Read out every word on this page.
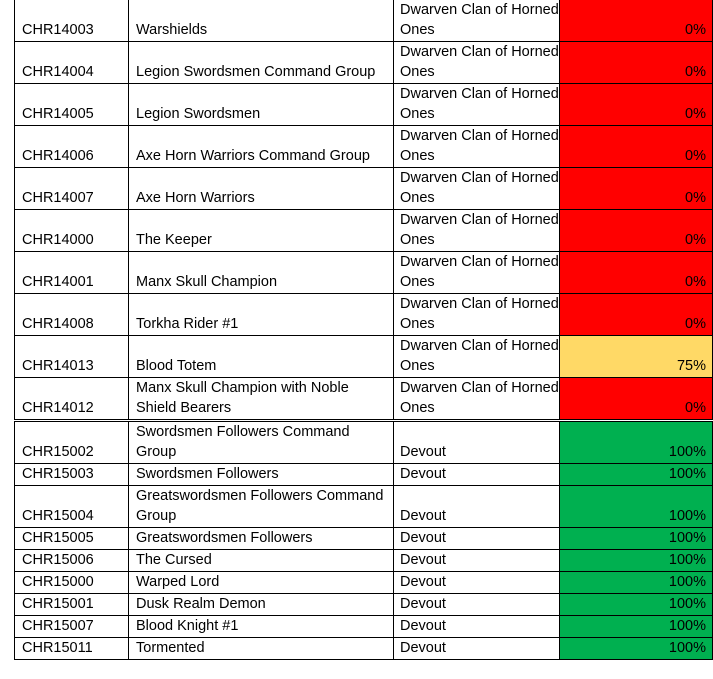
CHR14003	Warshields	Dwarven Clan of Horned Ones	0%
CHR14004	Legion Swordsmen Command Group	Dwarven Clan of Horned Ones	0%
CHR14005	Legion Swordsmen	Dwarven Clan of Horned Ones	0%
CHR14006	Axe Horn Warriors Command Group	Dwarven Clan of Horned Ones	0%
CHR14007	Axe Horn Warriors	Dwarven Clan of Horned Ones	0%
CHR14000	The Keeper	Dwarven Clan of Horned Ones	0%
CHR14001	Manx Skull Champion	Dwarven Clan of Horned Ones	0%
CHR14008	Torkha Rider #1	Dwarven Clan of Horned Ones	0%
CHR14013	Blood Totem	Dwarven Clan of Horned Ones	75%
CHR14012	Manx Skull Champion with Noble Shield Bearers	Dwarven Clan of Horned Ones	0%
CHR15002	Swordsmen Followers Command Group	Devout	100%
CHR15003	Swordsmen Followers	Devout	100%
CHR15004	Greatswordsmen Followers Command Group	Devout	100%
CHR15005	Greatswordsmen Followers	Devout	100%
CHR15006	The Cursed	Devout	100%
CHR15000	Warped Lord	Devout	100%
CHR15001	Dusk Realm Demon	Devout	100%
CHR15007	Blood Knight #1	Devout	100%
CHR15011	Tormented	Devout	100%
